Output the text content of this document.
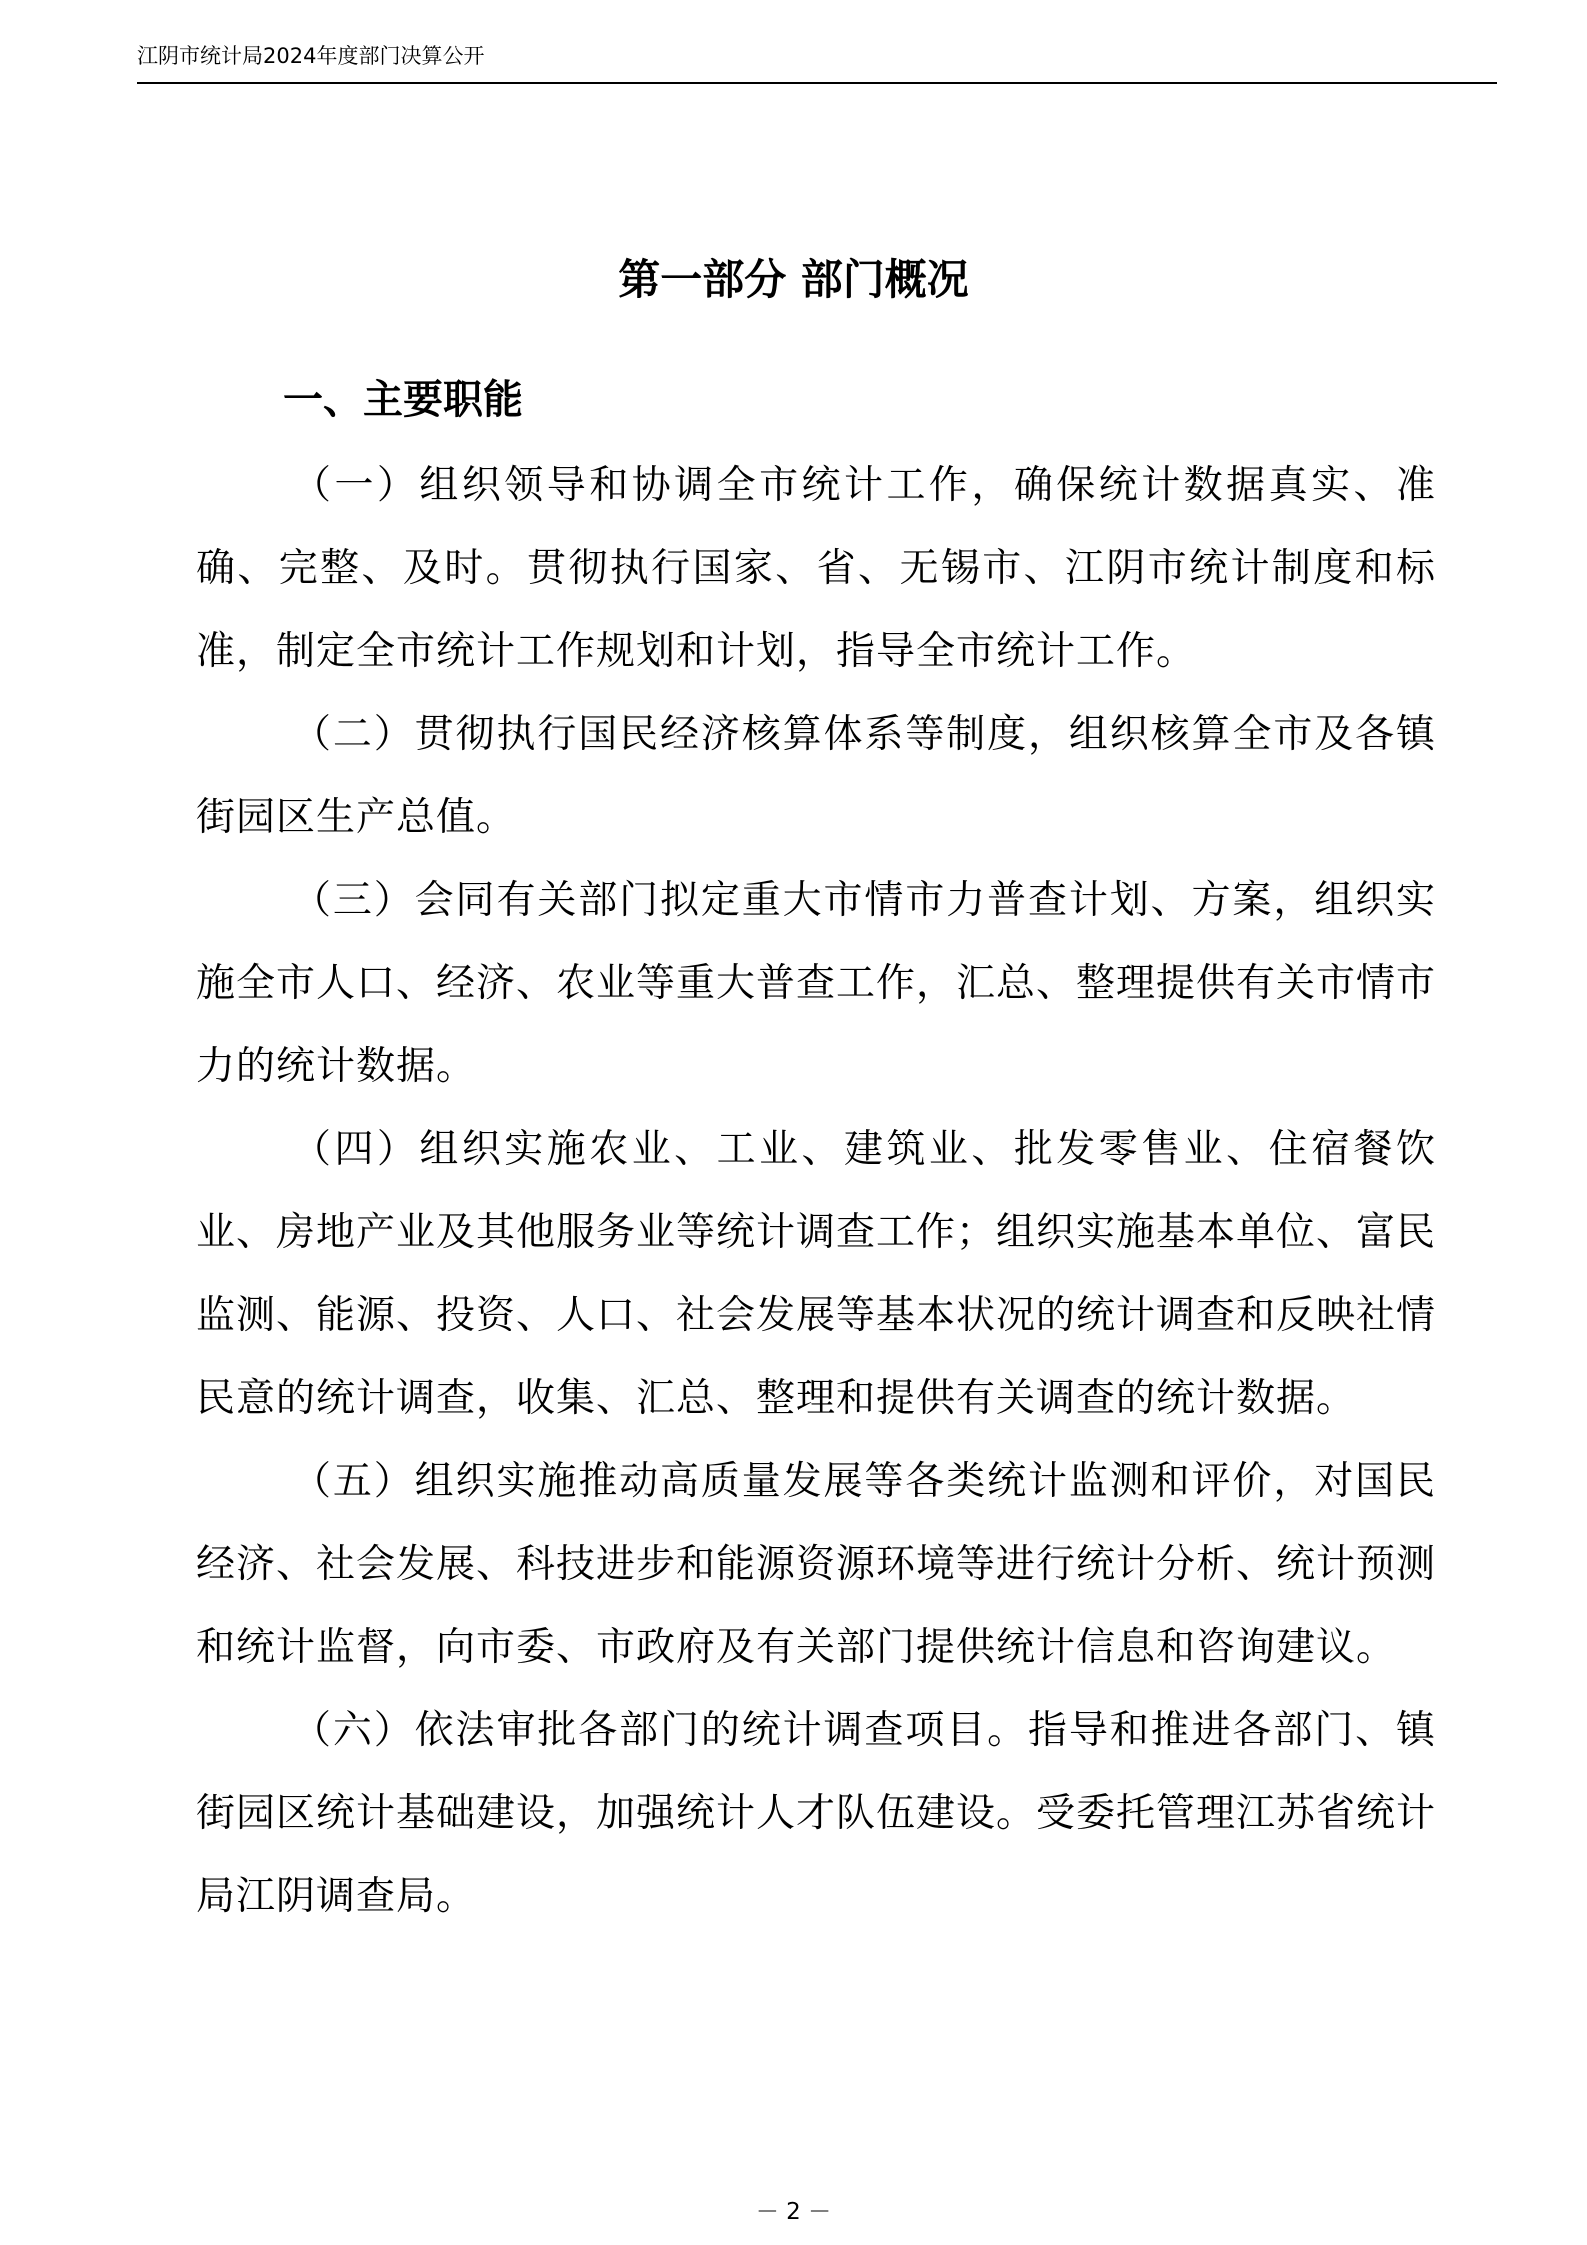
江阴市统计局2024年度部门决算公开
第一部分 部门概况
一、主要职能

（一）组织领导和协调全市统计工作，确保统计数据真实、准确、完整、及时。贯彻执行国家、省、无锡市、江阴市统计制度和标准，制定全市统计工作规划和计划，指导全市统计工作。

（二）贯彻执行国民经济核算体系等制度，组织核算全市及各镇街园区生产总值。

（三）会同有关部门拟定重大市情市力普查计划、方案，组织实施全市人口、经济、农业等重大普查工作，汇总、整理提供有关市情市力的统计数据。

（四）组织实施农业、工业、建筑业、批发零售业、住宿餐饮业、房地产业及其他服务业等统计调查工作；组织实施基本单位、富民监测、能源、投资、人口、社会发展等基本状况的统计调查和反映社情民意的统计调查，收集、汇总、整理和提供有关调查的统计数据。

（五）组织实施推动高质量发展等各类统计监测和评价，对国民经济、社会发展、科技进步和能源资源环境等进行统计分析、统计预测和统计监督，向市委、市政府及有关部门提供统计信息和咨询建议。

（六）依法审批各部门的统计调查项目。指导和推进各部门、镇街园区统计基础建设，加强统计人才队伍建设。受委托管理江苏省统计局江阴调查局。

－ 2 －
